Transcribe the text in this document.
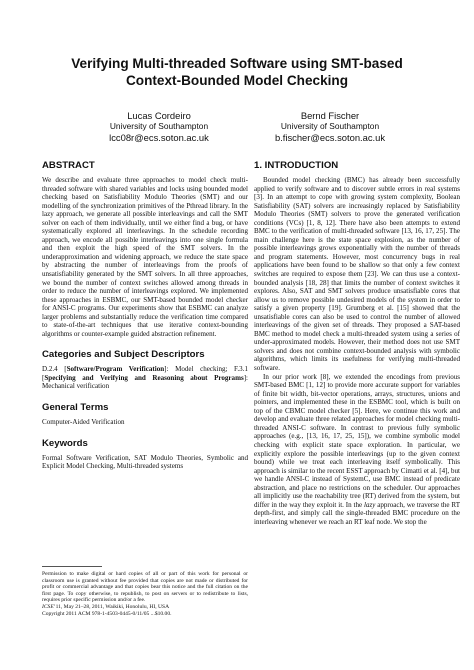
Verifying Multi-threaded Software using SMT-based
Context-Bounded Model Checking
Lucas Cordeiro
University of Southampton
lcc08r@ecs.soton.ac.uk
Bernd Fischer
University of Southampton
b.fischer@ecs.soton.ac.uk
ABSTRACT

We describe and evaluate three approaches to model check multi-threaded software with shared variables and locks using bounded model checking based on Satisfiability Modulo Theories (SMT) and our modelling of the synchronization primitives of the Pthread library. In the lazy approach, we generate all possible interleavings and call the SMT solver on each of them individually, until we either find a bug, or have systematically explored all interleavings. In the schedule recording approach, we encode all possible interleavings into one single formula and then exploit the high speed of the SMT solvers. In the underapproximation and widening approach, we reduce the state space by abstracting the number of interleavings from the proofs of unsatisfiability generated by the SMT solvers. In all three approaches, we bound the number of context switches allowed among threads in order to reduce the number of interleavings explored. We implemented these approaches in ESBMC, our SMT-based bounded model checker for ANSI-C programs. Our experiments show that ESBMC can analyze larger problems and substantially reduce the verification time compared to state-of-the-art techniques that use iterative context-bounding algorithms or counter-example guided abstraction refinement.

Categories and Subject Descriptors

D.2.4 [Software/Program Verification]: Model checking; F.3.1 [Specifying and Verifying and Reasoning about Programs]: Mechanical verification

General Terms

Computer-Aided Verification

Keywords

Formal Software Verification, SAT Modulo Theories, Symbolic and Explicit Model Checking, Multi-threaded systems

Permission to make digital or hard copies of all or part of this work for personal or classroom use is granted without fee provided that copies are not made or distributed for profit or commercial advantage and that copies bear this notice and the full citation on the first page. To copy otherwise, to republish, to post on servers or to redistribute to lists, requires prior specific permission and/or a fee.
ICSE’11, May 21–28, 2011, Waikiki, Honolulu, HI, USA
Copyright 2011 ACM 978-1-4503-0445-0/11/05 ...$10.00.
1. INTRODUCTION

Bounded model checking (BMC) has already been successfully applied to verify software and to discover subtle errors in real systems [3]. In an attempt to cope with growing system complexity, Boolean Satisfiability (SAT) solvers are increasingly replaced by Satisfiability Modulo Theories (SMT) solvers to prove the generated verification conditions (VCs) [1, 8, 12]. There have also been attempts to extend BMC to the verification of multi-threaded software [13, 16, 17, 25]. The main challenge here is the state space explosion, as the number of possible interleavings grows exponentially with the number of threads and program statements. However, most concurrency bugs in real applications have been found to be shallow so that only a few context switches are required to expose them [23]. We can thus use a context-bounded analysis [18, 28] that limits the number of context switches it explores. Also, SAT and SMT solvers produce unsatisfiable cores that allow us to remove possible undesired models of the system in order to satisfy a given property [19]. Grumberg et al. [15] showed that the unsatisfiable cores can also be used to control the number of allowed interleavings of the given set of threads. They proposed a SAT-based BMC method to model check a multi-threaded system using a series of under-approximated models. However, their method does not use SMT solvers and does not combine context-bounded analysis with symbolic algorithms, which limits its usefulness for verifying multi-threaded software.

In our prior work [8], we extended the encodings from previous SMT-based BMC [1, 12] to provide more accurate support for variables of finite bit width, bit-vector operations, arrays, structures, unions and pointers, and implemented these in the ESBMC tool, which is built on top of the CBMC model checker [5]. Here, we continue this work and develop and evaluate three related approaches for model checking multi-threaded ANSI-C software. In contrast to previous fully symbolic approaches (e.g., [13, 16, 17, 25, 15]), we combine symbolic model checking with explicit state space exploration. In particular, we explicitly explore the possible interleavings (up to the given context bound) while we treat each interleaving itself symbolically. This approach is similar to the recent ESST approach by Cimatti et al. [4], but we handle ANSI-C instead of SystemC, use BMC instead of predicate abstraction, and place no restrictions on the scheduler. Our approaches all implicitly use the reachability tree (RT) derived from the system, but differ in the way they exploit it. In the lazy approach, we traverse the RT depth-first, and simply call the single-threaded BMC procedure on the interleaving whenever we reach an RT leaf node. We stop the
